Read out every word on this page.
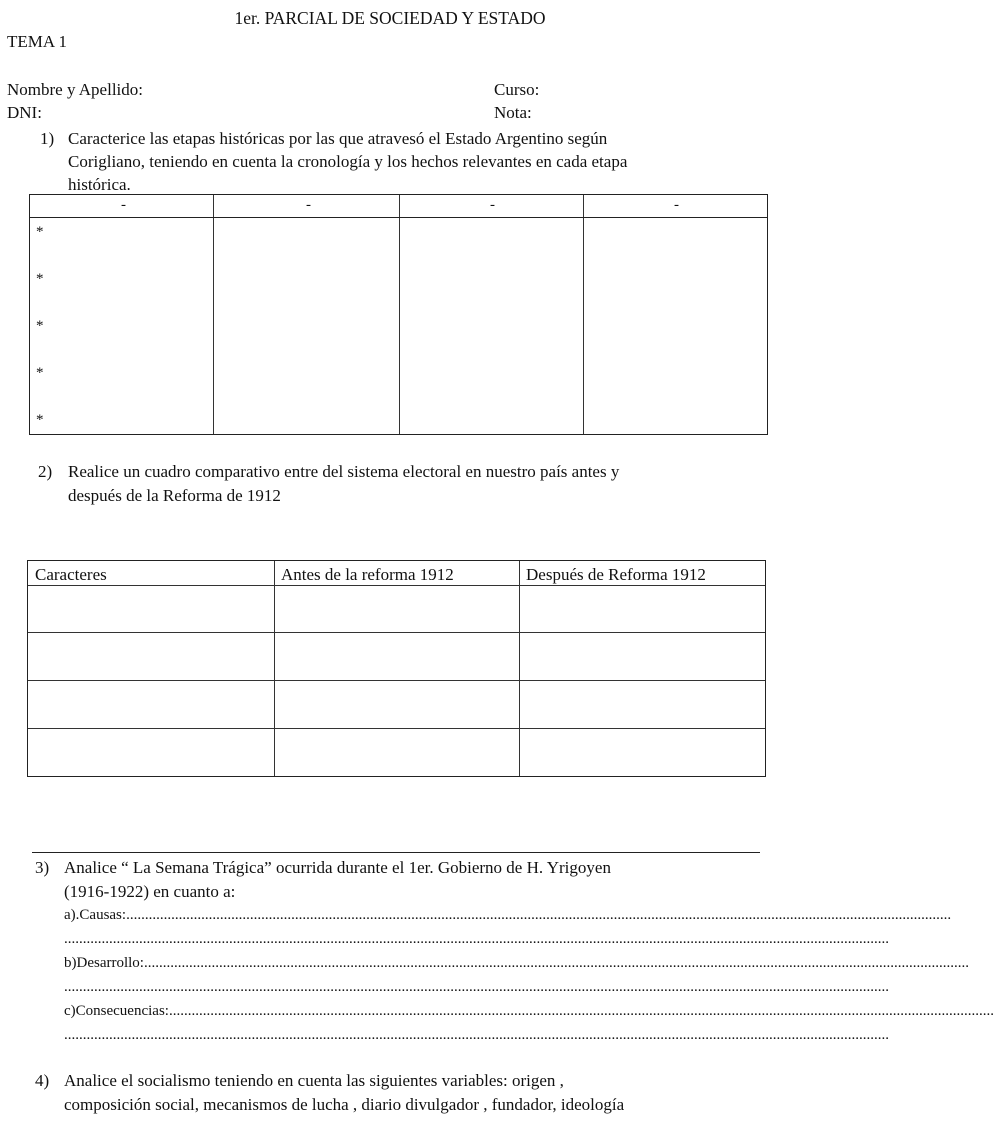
1er. PARCIAL DE SOCIEDAD Y ESTADO
TEMA 1
Nombre y Apellido:
DNI:
Curso:
Nota:
1) Caracterice las etapas históricas por las que atravesó el Estado Argentino según
Corigliano, teniendo en cuenta la cronología y los hechos relevantes en cada etapa
histórica.
-	-	-	-
*
*
*
*
*
2) Realice un cuadro comparativo entre del sistema electoral en nuestro país antes y
después de la Reforma de 1912
Caracteres	Antes de la reforma 1912	Después de Reforma 1912
3) Analice “ La Semana Trágica” ocurrida durante el 1er. Gobierno de H. Yrigoyen
(1916-1922) en cuanto a:
a).Causas:............................................................................................................................................................................................................................
............................................................................................................................................................................................................................
b)Desarrollo:............................................................................................................................................................................................................................
............................................................................................................................................................................................................................
c)Consecuencias:............................................................................................................................................................................................................................
............................................................................................................................................................................................................................
4) Analice el socialismo teniendo en cuenta las siguientes variables: origen ,
composición social, mecanismos de lucha , diario divulgador , fundador, ideología
